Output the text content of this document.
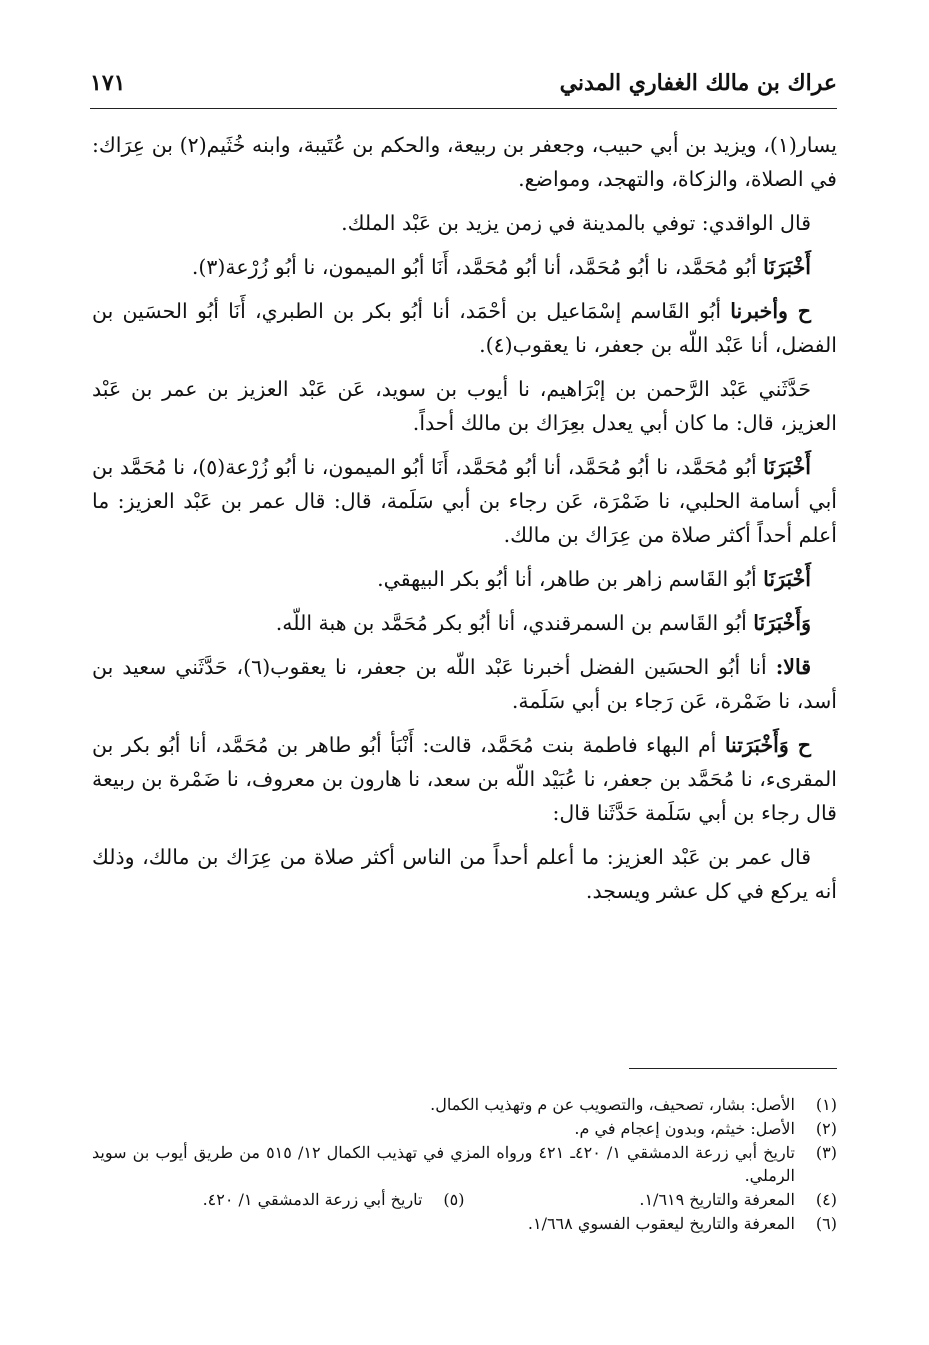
عراك بن مالك الغفاري المدني
١٧١

يسار(١)، ويزيد بن أبي حبيب، وجعفر بن ربيعة، والحكم بن عُتَيبة، وابنه خُثَيم(٢) بن عِرَاك: في الصلاة، والزكاة، والتهجد، ومواضع.

قال الواقدي: توفي بالمدينة في زمن يزيد بن عَبْد الملك.

أَخْبَرَنَا أبُو مُحَمَّد، نا أبُو مُحَمَّد، أنا أبُو مُحَمَّد، أَنَا أبُو الميمون، نا أبُو زُرْعة(٣).

ح وأخبرنا أبُو القَاسم إسْمَاعيل بن أحْمَد، أنا أبُو بكر بن الطبري، أَنَا أبُو الحسَين بن الفضل، أنا عَبْد اللّه بن جعفر، نا يعقوب(٤).

حَدَّثَني عَبْد الرَّحمن بن إبْرَاهيم، نا أيوب بن سويد، عَن عَبْد العزيز بن عمر بن عَبْد العزيز، قال: ما كان أبي يعدل بعِرَاك بن مالك أحداً.

أَخْبَرَنَا أبُو مُحَمَّد، نا أبُو مُحَمَّد، أنا أبُو مُحَمَّد، أَنَا أبُو الميمون، نا أبُو زُرْعة(٥)، نا مُحَمَّد بن أبي أسامة الحلبي، نا ضَمْرَة، عَن رجاء بن أبي سَلَمة، قال: قال عمر بن عَبْد العزيز: ما أعلم أحداً أكثر صلاة من عِرَاك بن مالك.

أَخْبَرَنَا أبُو القَاسم زاهر بن طاهر، أنا أبُو بكر البيهقي.

وَأَخْبَرَنَا أبُو القَاسم بن السمرقندي، أنا أبُو بكر مُحَمَّد بن هبة اللّه.

قالا: أنا أبُو الحسَين الفضل أخبرنا عَبْد اللّه بن جعفر، نا يعقوب(٦)، حَدَّثَني سعيد بن أسد، نا ضَمْرة، عَن رَجاء بن أبي سَلَمة.

ح وَأَخْبَرَتنا أم البهاء فاطمة بنت مُحَمَّد، قالت: أَنْبَأ أبُو طاهر بن مُحَمَّد، أنا أبُو بكر بن المقرىء، نا مُحَمَّد بن جعفر، نا عُبَيْد اللّه بن سعد، نا هارون بن معروف، نا ضَمْرة بن ربيعة قال رجاء بن أبي سَلَمة حَدَّثَنا قال:

قال عمر بن عَبْد العزيز: ما أعلم أحداً من الناس أكثر صلاة من عِرَاك بن مالك، وذلك أنه يركع في كل عشر ويسجد.

(١)
الأصل: بشار، تصحيف، والتصويب عن م وتهذيب الكمال.
(٢)
الأصل: خيثم، وبدون إعجام في م.
(٣)
تاريخ أبي زرعة الدمشقي ١/ ٤٢٠ـ ٤٢١ ورواه المزي في تهذيب الكمال ١٢/ ٥١٥ من طريق أيوب بن سويد الرملي.
(٤)
المعرفة والتاريخ ١/٦١٩.
(٥)
تاريخ أبي زرعة الدمشقي ١/ ٤٢٠.
(٦)
المعرفة والتاريخ ليعقوب الفسوي ١/٦٦٨.
